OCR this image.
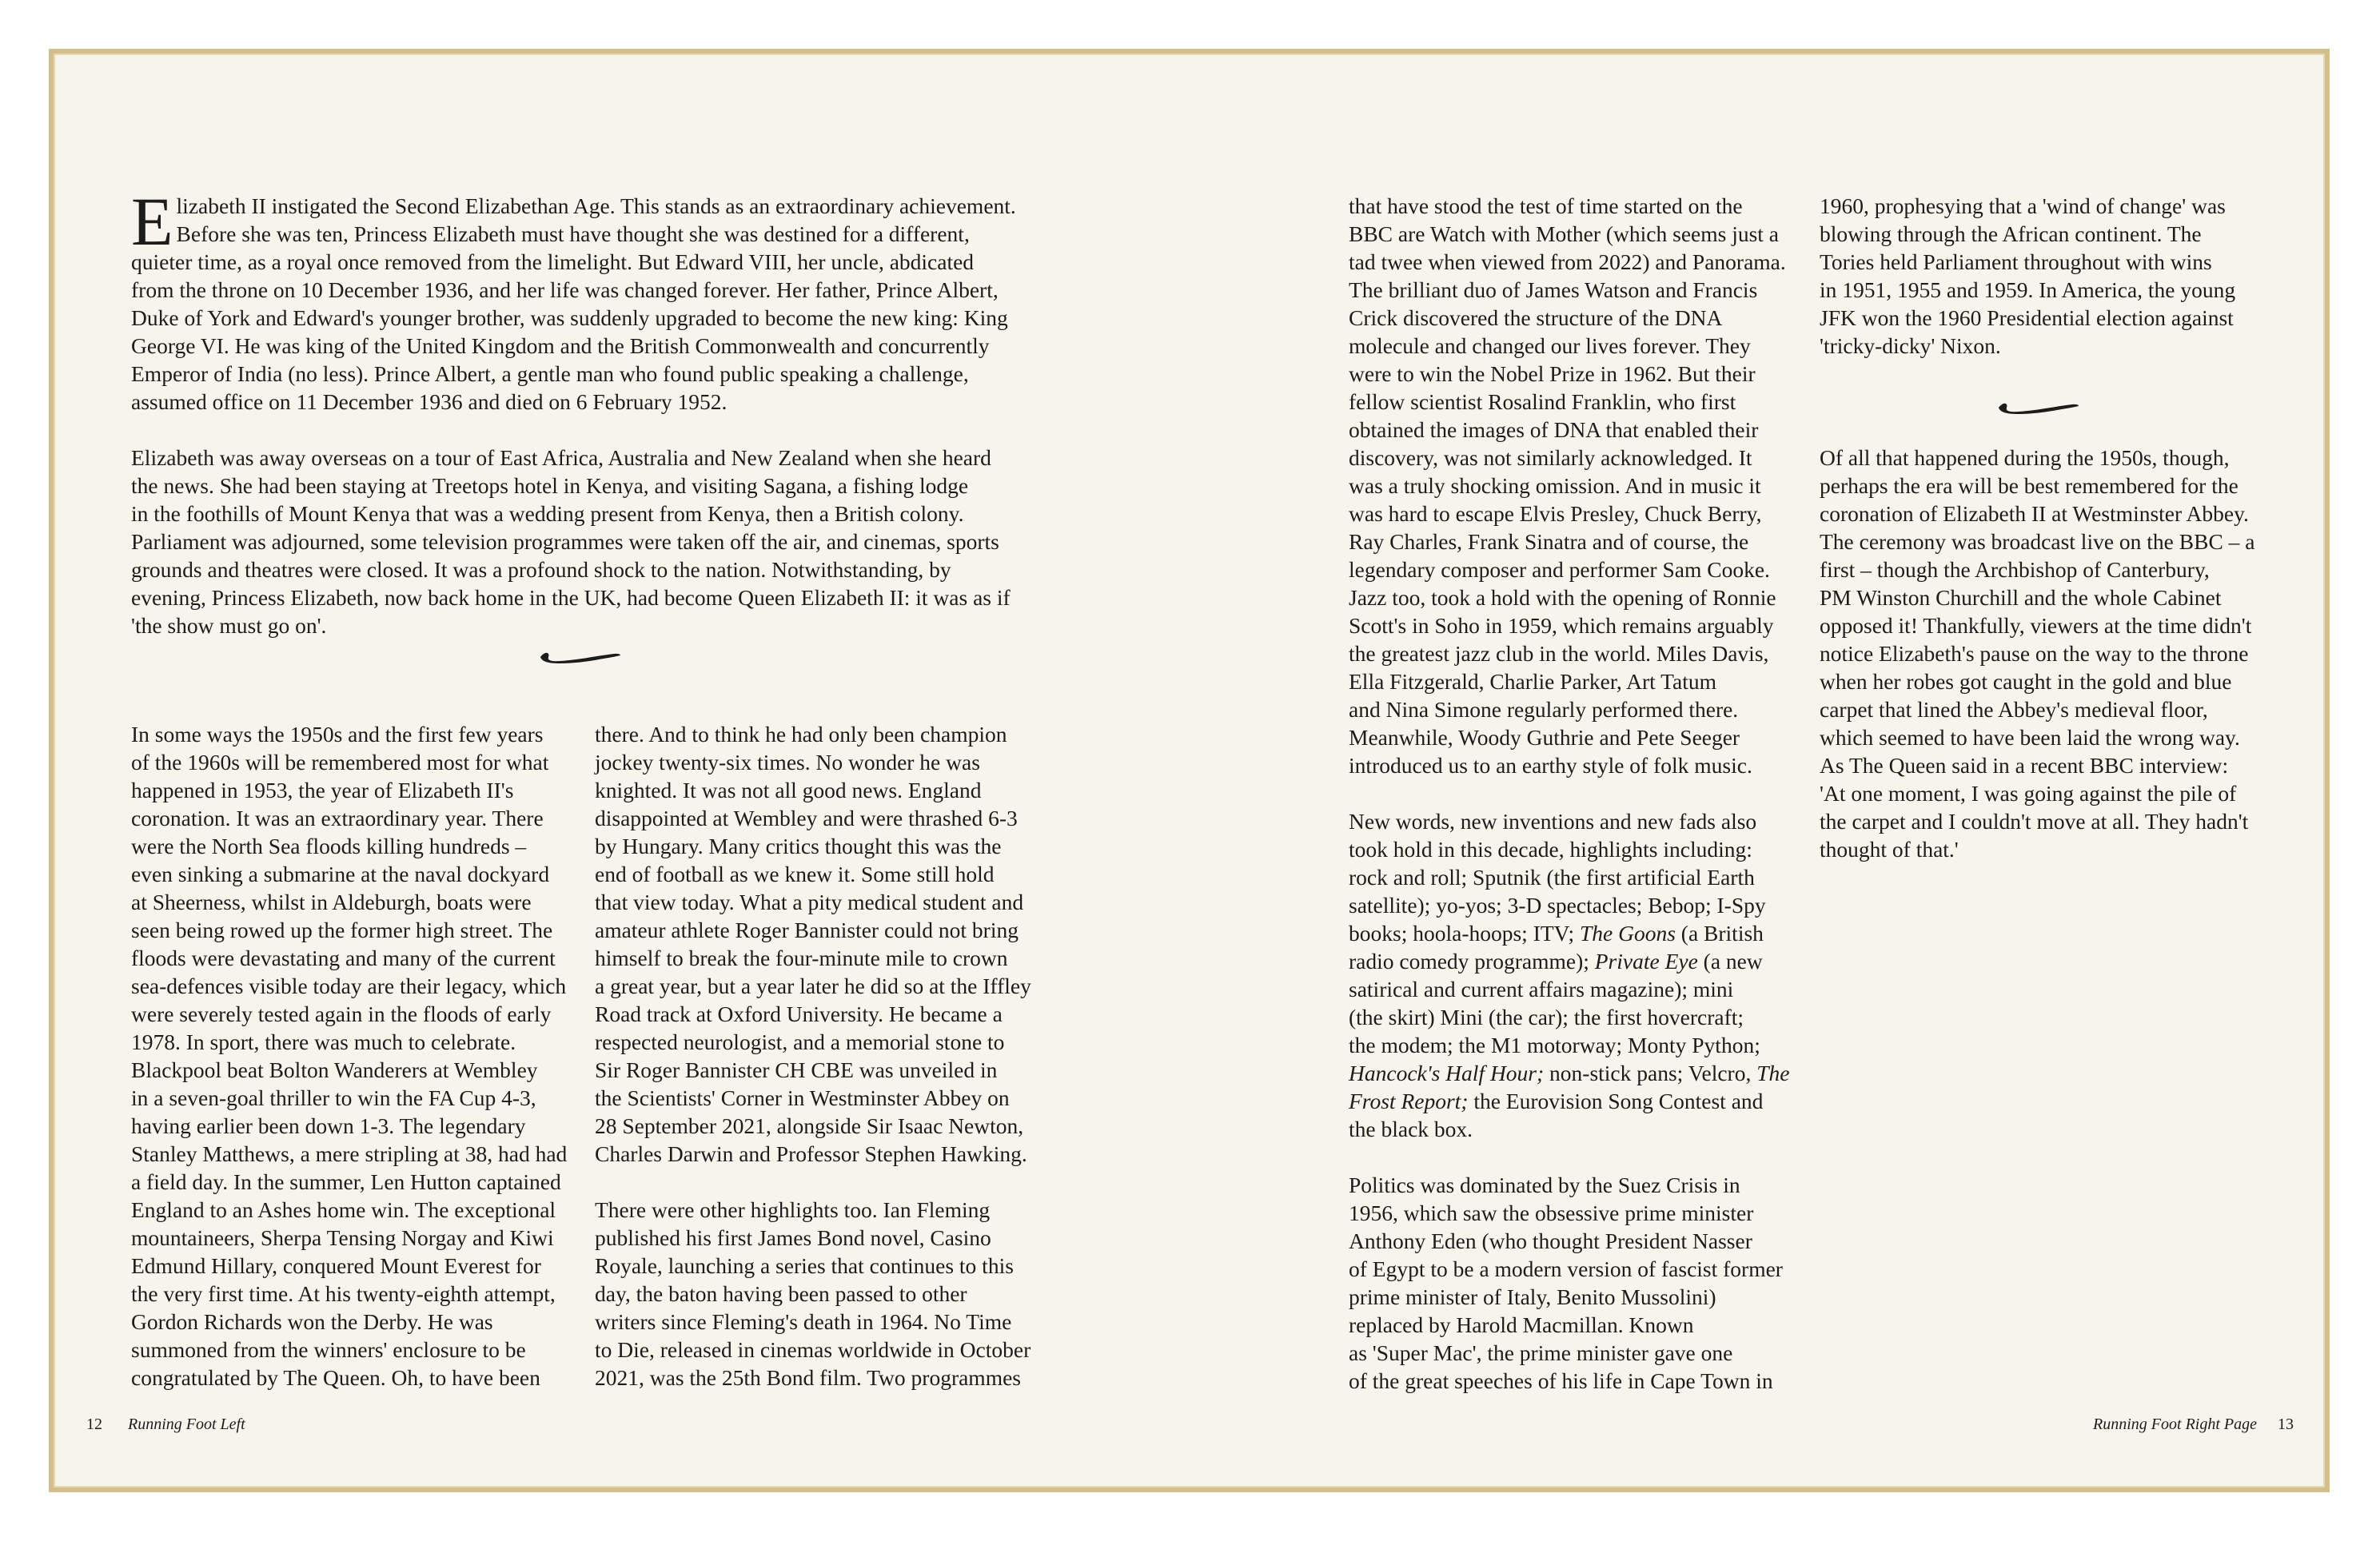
E lizabeth II instigated the Second Elizabethan Age. This stands as an extraordinary achievement.
Before she was ten, Princess Elizabeth must have thought she was destined for a different,
quieter time, as a royal once removed from the limelight. But Edward VIII, her uncle, abdicated
from the throne on 10 December 1936, and her life was changed forever. Her father, Prince Albert,
Duke of York and Edward's younger brother, was suddenly upgraded to become the new king: King
George VI. He was king of the United Kingdom and the British Commonwealth and concurrently
Emperor of India (no less). Prince Albert, a gentle man who found public speaking a challenge,
assumed office on 11 December 1936 and died on 6 February 1952.
Elizabeth was away overseas on a tour of East Africa, Australia and New Zealand when she heard
the news. She had been staying at Treetops hotel in Kenya, and visiting Sagana, a fishing lodge
in the foothills of Mount Kenya that was a wedding present from Kenya, then a British colony.
Parliament was adjourned, some television programmes were taken off the air, and cinemas, sports
grounds and theatres were closed. It was a profound shock to the nation. Notwithstanding, by
evening, Princess Elizabeth, now back home in the UK, had become Queen Elizabeth II: it was as if
'the show must go on'.
In some ways the 1950s and the first few years
of the 1960s will be remembered most for what
happened in 1953, the year of Elizabeth II's
coronation. It was an extraordinary year. There
were the North Sea floods killing hundreds –
even sinking a submarine at the naval dockyard
at Sheerness, whilst in Aldeburgh, boats were
seen being rowed up the former high street. The
floods were devastating and many of the current
sea-defences visible today are their legacy, which
were severely tested again in the floods of early
1978. In sport, there was much to celebrate.
Blackpool beat Bolton Wanderers at Wembley
in a seven-goal thriller to win the FA Cup 4-3,
having earlier been down 1-3. The legendary
Stanley Matthews, a mere stripling at 38, had had
a field day. In the summer, Len Hutton captained
England to an Ashes home win. The exceptional
mountaineers, Sherpa Tensing Norgay and Kiwi
Edmund Hillary, conquered Mount Everest for
the very first time. At his twenty-eighth attempt,
Gordon Richards won the Derby. He was
summoned from the winners' enclosure to be
congratulated by The Queen. Oh, to have been
there. And to think he had only been champion
jockey twenty-six times. No wonder he was
knighted. It was not all good news. England
disappointed at Wembley and were thrashed 6-3
by Hungary. Many critics thought this was the
end of football as we knew it. Some still hold
that view today. What a pity medical student and
amateur athlete Roger Bannister could not bring
himself to break the four-minute mile to crown
a great year, but a year later he did so at the Iffley
Road track at Oxford University. He became a
respected neurologist, and a memorial stone to
Sir Roger Bannister CH CBE was unveiled in
the Scientists' Corner in Westminster Abbey on
28 September 2021, alongside Sir Isaac Newton,
Charles Darwin and Professor Stephen Hawking.
There were other highlights too. Ian Fleming
published his first James Bond novel, Casino
Royale, launching a series that continues to this
day, the baton having been passed to other
writers since Fleming's death in 1964. No Time
to Die, released in cinemas worldwide in October
2021, was the 25th Bond film. Two programmes
that have stood the test of time started on the
BBC are Watch with Mother (which seems just a
tad twee when viewed from 2022) and Panorama.
The brilliant duo of James Watson and Francis
Crick discovered the structure of the DNA
molecule and changed our lives forever. They
were to win the Nobel Prize in 1962. But their
fellow scientist Rosalind Franklin, who first
obtained the images of DNA that enabled their
discovery, was not similarly acknowledged. It
was a truly shocking omission. And in music it
was hard to escape Elvis Presley, Chuck Berry,
Ray Charles, Frank Sinatra and of course, the
legendary composer and performer Sam Cooke.
Jazz too, took a hold with the opening of Ronnie
Scott's in Soho in 1959, which remains arguably
the greatest jazz club in the world. Miles Davis,
Ella Fitzgerald, Charlie Parker, Art Tatum
and Nina Simone regularly performed there.
Meanwhile, Woody Guthrie and Pete Seeger
introduced us to an earthy style of folk music.
New words, new inventions and new fads also
took hold in this decade, highlights including:
rock and roll; Sputnik (the first artificial Earth
satellite); yo-yos; 3-D spectacles; Bebop; I-Spy
books; hoola-hoops; ITV; The Goons (a British
radio comedy programme); Private Eye (a new
satirical and current affairs magazine); mini
(the skirt) Mini (the car); the first hovercraft;
the modem; the M1 motorway; Monty Python;
Hancock's Half Hour; non-stick pans; Velcro, The
Frost Report; the Eurovision Song Contest and
the black box.
Politics was dominated by the Suez Crisis in
1956, which saw the obsessive prime minister
Anthony Eden (who thought President Nasser
of Egypt to be a modern version of fascist former
prime minister of Italy, Benito Mussolini)
replaced by Harold Macmillan. Known
as 'Super Mac', the prime minister gave one
of the great speeches of his life in Cape Town in
1960, prophesying that a 'wind of change' was
blowing through the African continent. The
Tories held Parliament throughout with wins
in 1951, 1955 and 1959. In America, the young
JFK won the 1960 Presidential election against
'tricky-dicky' Nixon.
Of all that happened during the 1950s, though,
perhaps the era will be best remembered for the
coronation of Elizabeth II at Westminster Abbey.
The ceremony was broadcast live on the BBC – a
first – though the Archbishop of Canterbury,
PM Winston Churchill and the whole Cabinet
opposed it! Thankfully, viewers at the time didn't
notice Elizabeth's pause on the way to the throne
when her robes got caught in the gold and blue
carpet that lined the Abbey's medieval floor,
which seemed to have been laid the wrong way.
As The Queen said in a recent BBC interview:
'At one moment, I was going against the pile of
the carpet and I couldn't move at all. They hadn't
thought of that.'
12 Running Foot Left	Running Foot Right Page 13
